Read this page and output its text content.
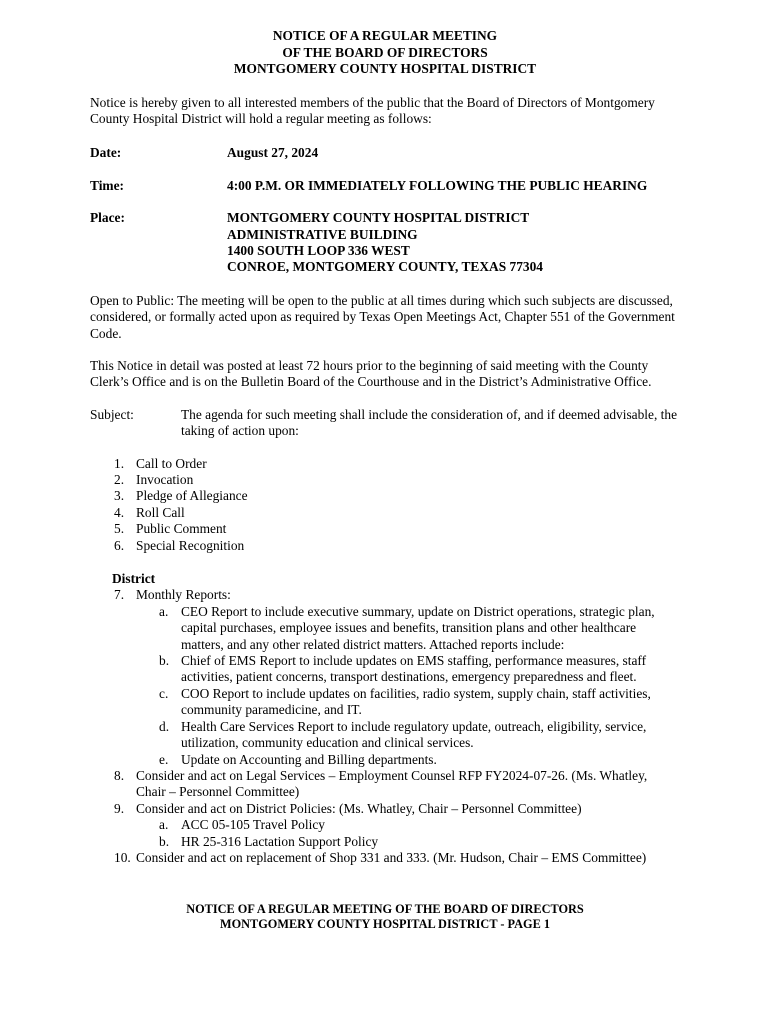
NOTICE OF A REGULAR MEETING
OF THE BOARD OF DIRECTORS
MONTGOMERY COUNTY HOSPITAL DISTRICT

Notice is hereby given to all interested members of the public that the Board of Directors of Montgomery County Hospital District will hold a regular meeting as follows:

Date:	August 27, 2024
Time:	4:00 P.M. OR IMMEDIATELY FOLLOWING THE PUBLIC HEARING
Place:	MONTGOMERY COUNTY HOSPITAL DISTRICT
ADMINISTRATIVE BUILDING
1400 SOUTH LOOP 336 WEST
CONROE, MONTGOMERY COUNTY, TEXAS 77304

Open to Public: The meeting will be open to the public at all times during which such subjects are discussed, considered, or formally acted upon as required by Texas Open Meetings Act, Chapter 551 of the Government Code.

This Notice in detail was posted at least 72 hours prior to the beginning of said meeting with the County Clerk’s Office and is on the Bulletin Board of the Courthouse and in the District’s Administrative Office.

Subject:	The agenda for such meeting shall include the consideration of, and if deemed advisable, the taking of action upon:
1. Call to Order
2. Invocation
3. Pledge of Allegiance
4. Roll Call
5. Public Comment
6. Special Recognition
District
7. Monthly Reports:
a. CEO Report to include executive summary, update on District operations, strategic plan, capital purchases, employee issues and benefits, transition plans and other healthcare matters, and any other related district matters. Attached reports include:
b. Chief of EMS Report to include updates on EMS staffing, performance measures, staff activities, patient concerns, transport destinations, emergency preparedness and fleet.
c. COO Report to include updates on facilities, radio system, supply chain, staff activities, community paramedicine, and IT.
d. Health Care Services Report to include regulatory update, outreach, eligibility, service, utilization, community education and clinical services.
e. Update on Accounting and Billing departments.
8. Consider and act on Legal Services – Employment Counsel RFP FY2024-07-26. (Ms. Whatley, Chair – Personnel Committee)
9. Consider and act on District Policies: (Ms. Whatley, Chair – Personnel Committee)
a. ACC 05-105 Travel Policy
b. HR 25-316 Lactation Support Policy
10. Consider and act on replacement of Shop 331 and 333. (Mr. Hudson, Chair – EMS Committee)
NOTICE OF A REGULAR MEETING OF THE BOARD OF DIRECTORS
MONTGOMERY COUNTY HOSPITAL DISTRICT - PAGE 1
